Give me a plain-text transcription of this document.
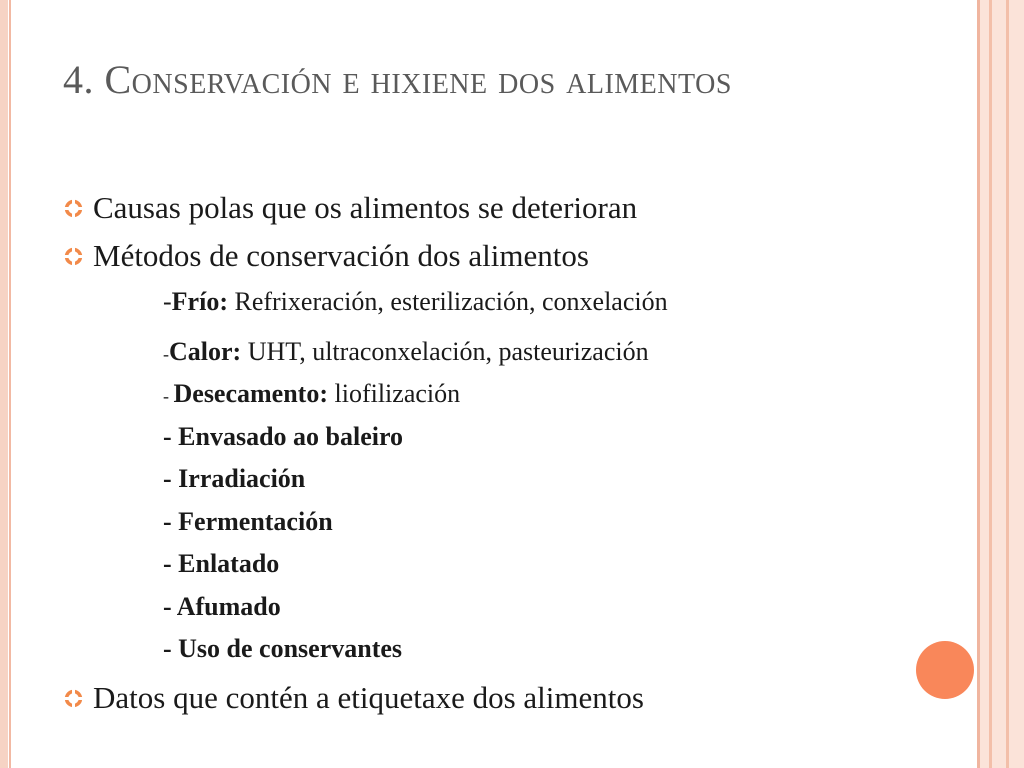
4. Conservación e hixiene dos alimentos
Causas polas que os alimentos se deterioran
Métodos de conservación dos alimentos
-Frío: Refrixeración, esterilización, conxelación
-Calor: UHT, ultraconxelación, pasteurización
- Desecamento: liofilización
- Envasado ao baleiro
- Irradiación
- Fermentación
- Enlatado
- Afumado
- Uso de conservantes
Datos que contén a etiquetaxe dos alimentos
